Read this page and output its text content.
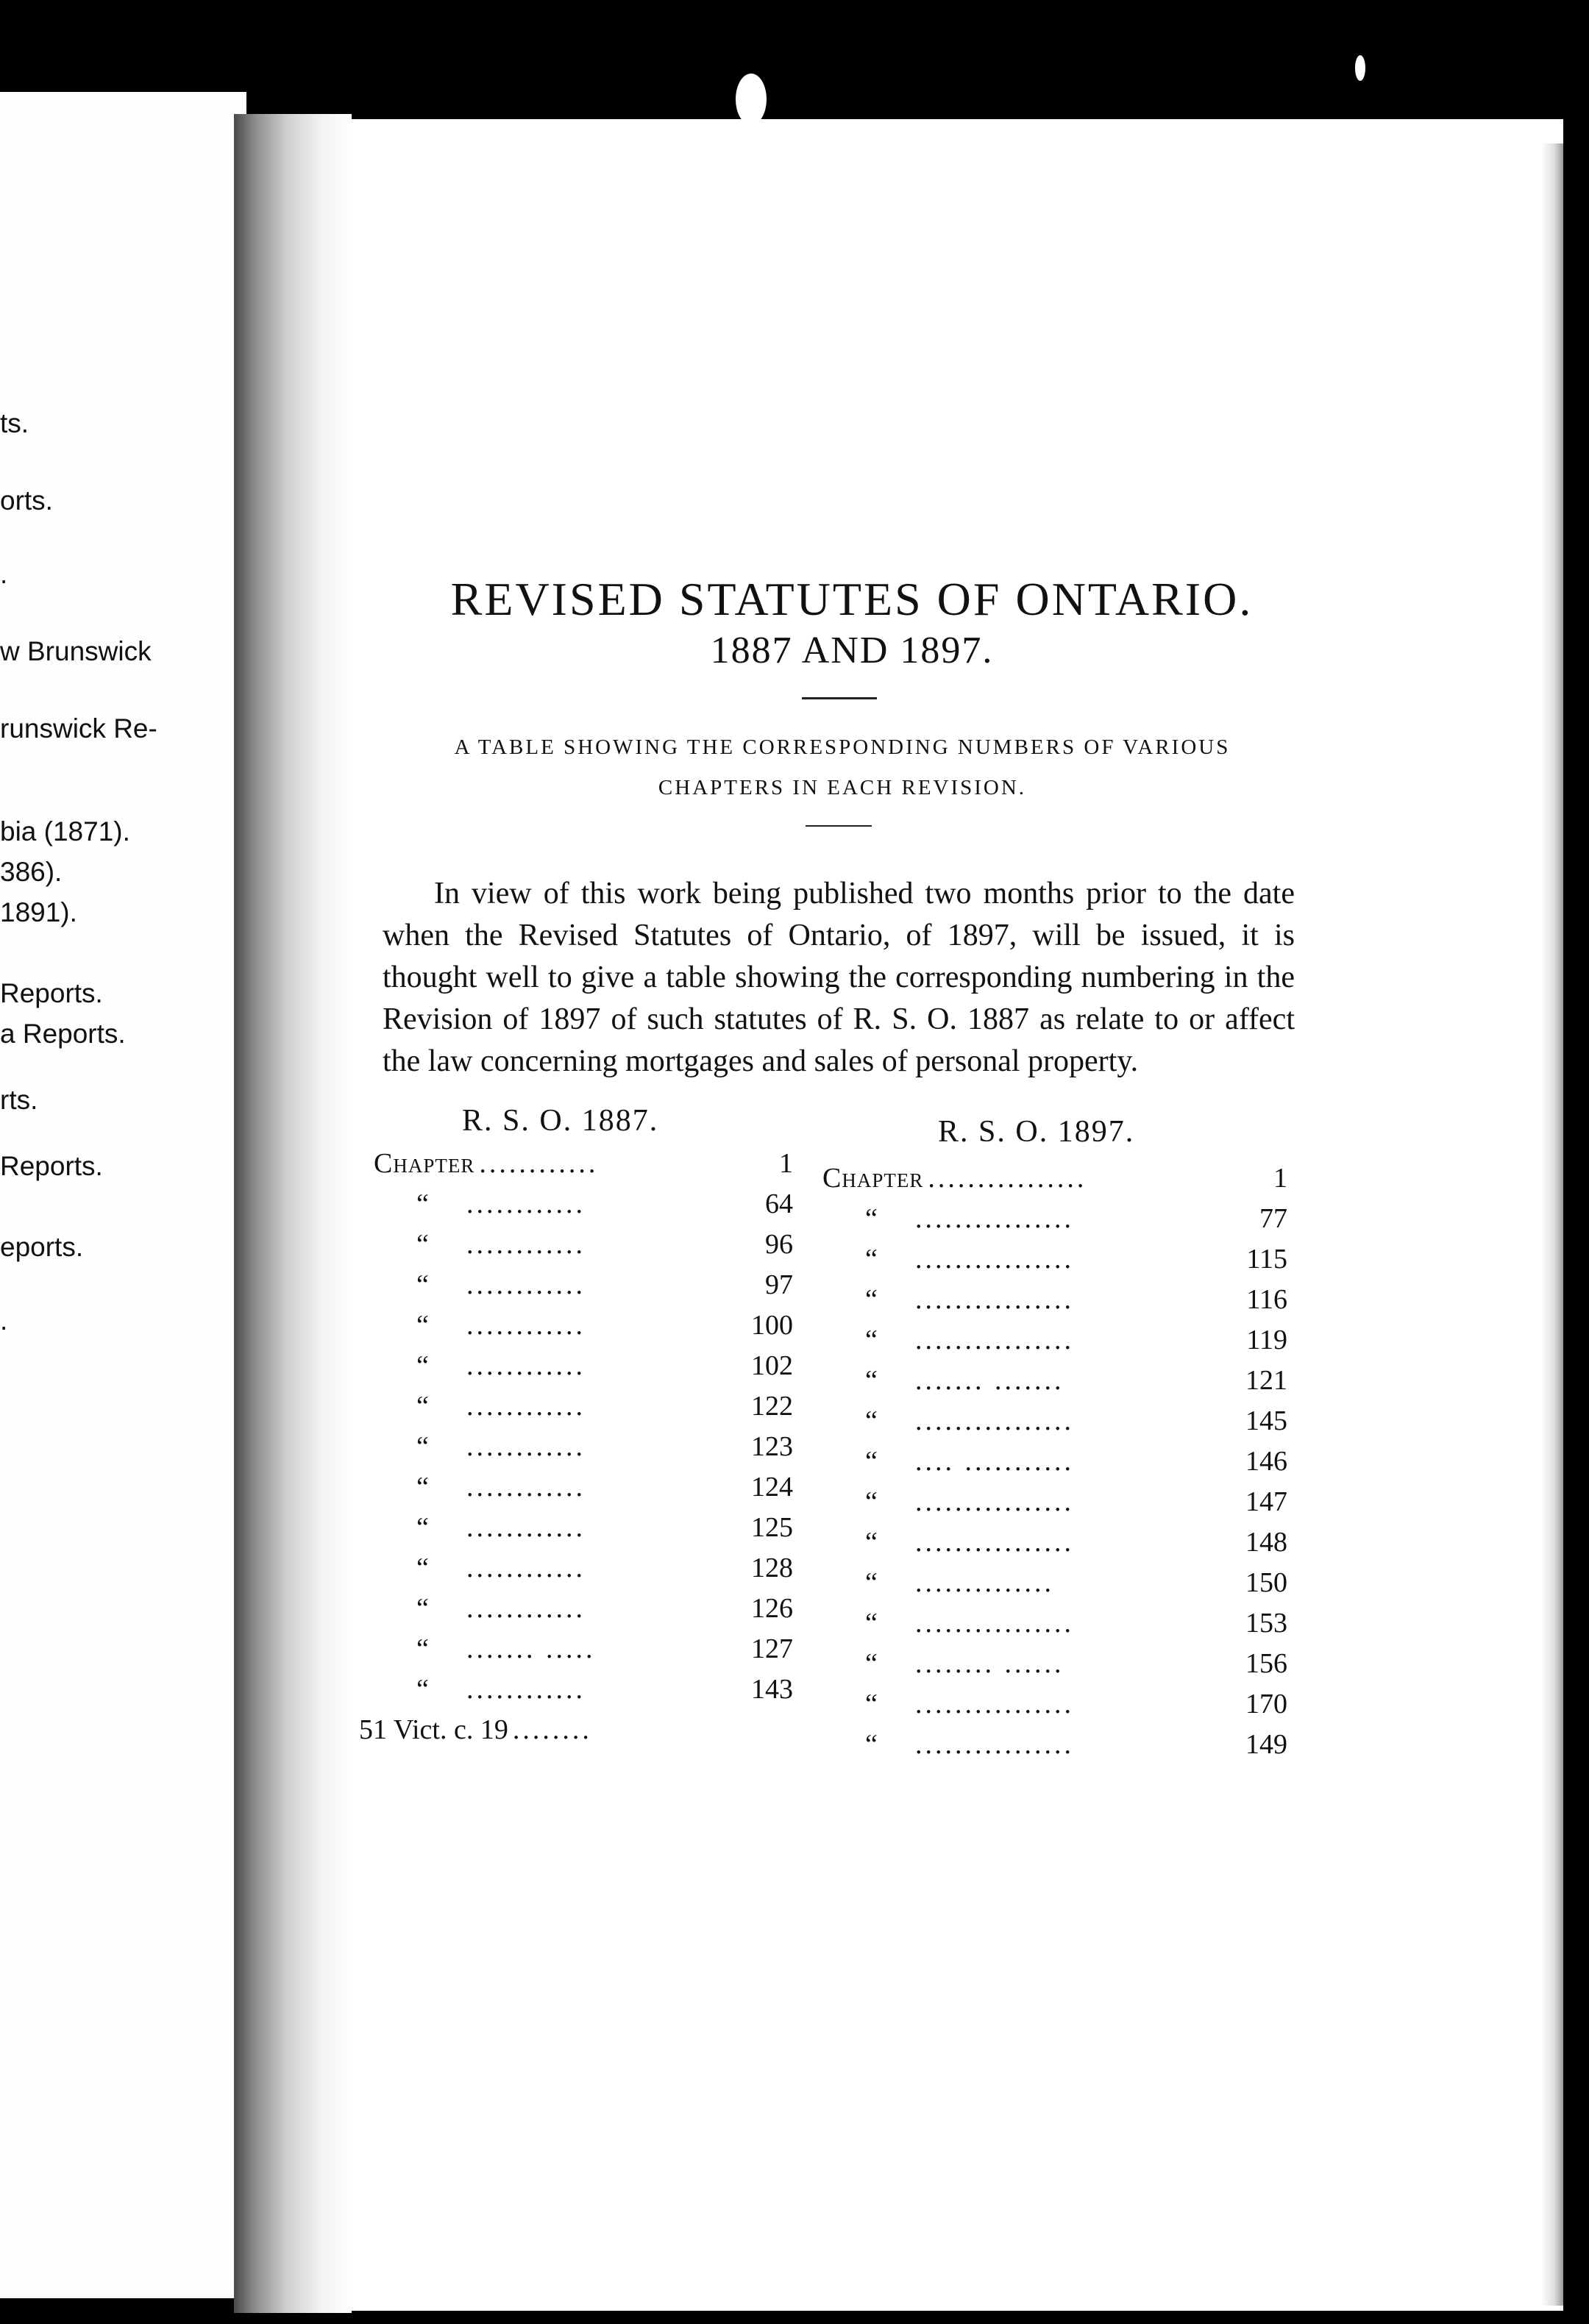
ts.
orts.
.
w Brunswick
runswick Re-
bia (1871).
386).
1891).
Reports.
a Reports.
rts.
Reports.
eports.
.
REVISED STATUTES OF ONTARIO.
1887 AND 1897.
A TABLE SHOWING THE CORRESPONDING NUMBERS OF VARIOUS
CHAPTERS IN EACH REVISION.

In view of this work being published two months prior to the date when the Revised Statutes of Ontario, of 1897, will be issued, it is thought well to give a table showing the corresponding numbering in the Revision of 1897 of such statutes of R. S. O. 1887 as relate to or affect the law concerning mortgages and sales of personal property.

R. S. O. 1887.	R. S. O. 1897.
Chapter ............	1
“	............	64
“	............	96
“	............	97
“	............	100
“	............	102
“	............	122
“	............	123
“	............	124
“	............	125
“	............	128
“	............	126
“	....... .....	127
“	............	143
51 Vict. c. 19 ........
Chapter ................	1
“	................	77
“	................	115
“	................	116
“	................	119
“	....... .......	121
“	................	145
“	.... ...........	146
“	................	147
“	................	148
“	..............	150
“	................	153
“	........ ......	156
“	................	170
“	................	149
